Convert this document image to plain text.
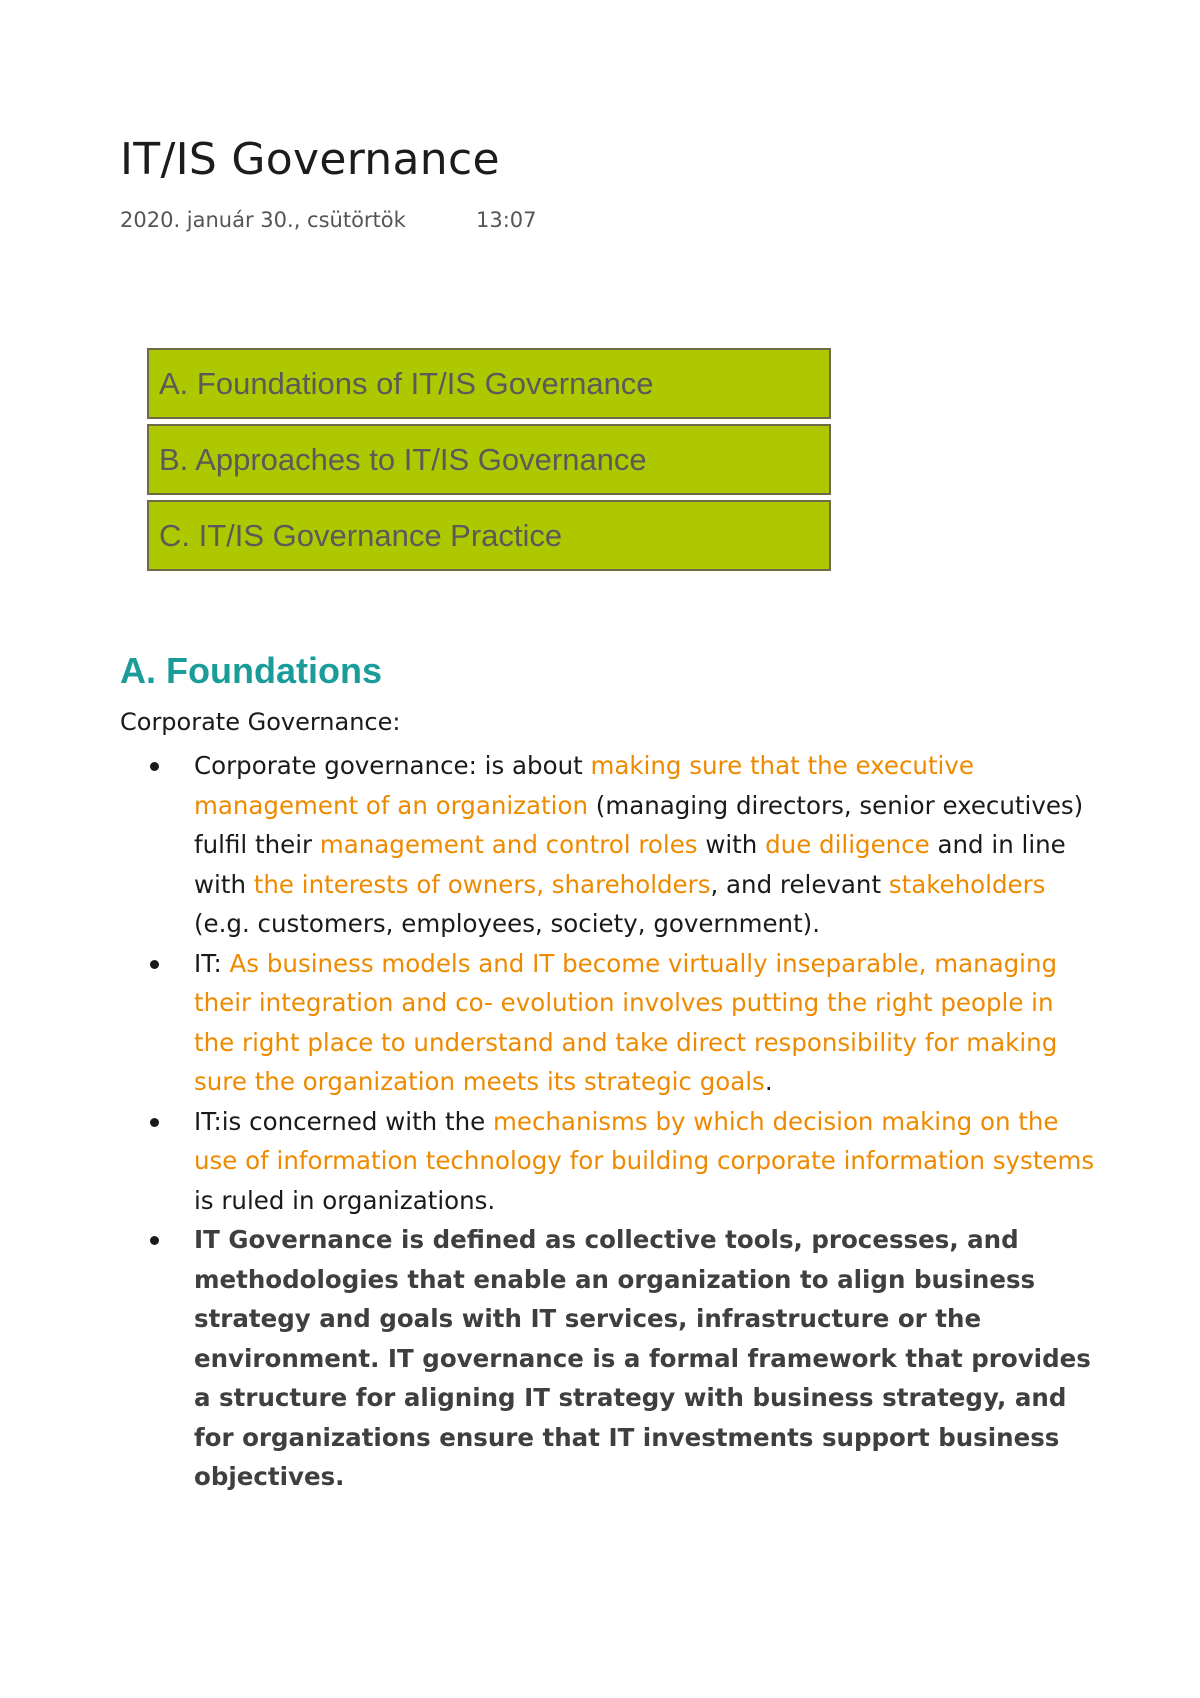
IT/IS Governance
2020. január 30., csütörtök	13:07
A. Foundations of IT/IS Governance
B. Approaches to IT/IS Governance
C. IT/IS Governance Practice
A. Foundations
Corporate Governance:
Corporate governance: is about making sure that the executive management of an organization (managing directors, senior executives) fulfil their management and control roles with due diligence and in line with the interests of owners, shareholders, and relevant stakeholders (e.g. customers, employees, society, government).
IT: As business models and IT become virtually inseparable, managing their integration and co- evolution involves putting the right people in the right place to understand and take direct responsibility for making sure the organization meets its strategic goals.
IT:is concerned with the mechanisms by which decision making on the use of information technology for building corporate information systems is ruled in organizations.
IT Governance is defined as collective tools, processes, and methodologies that enable an organization to align business strategy and goals with IT services, infrastructure or the environment. IT governance is a formal framework that provides a structure for aligning IT strategy with business strategy, and for organizations ensure that IT investments support business objectives.
